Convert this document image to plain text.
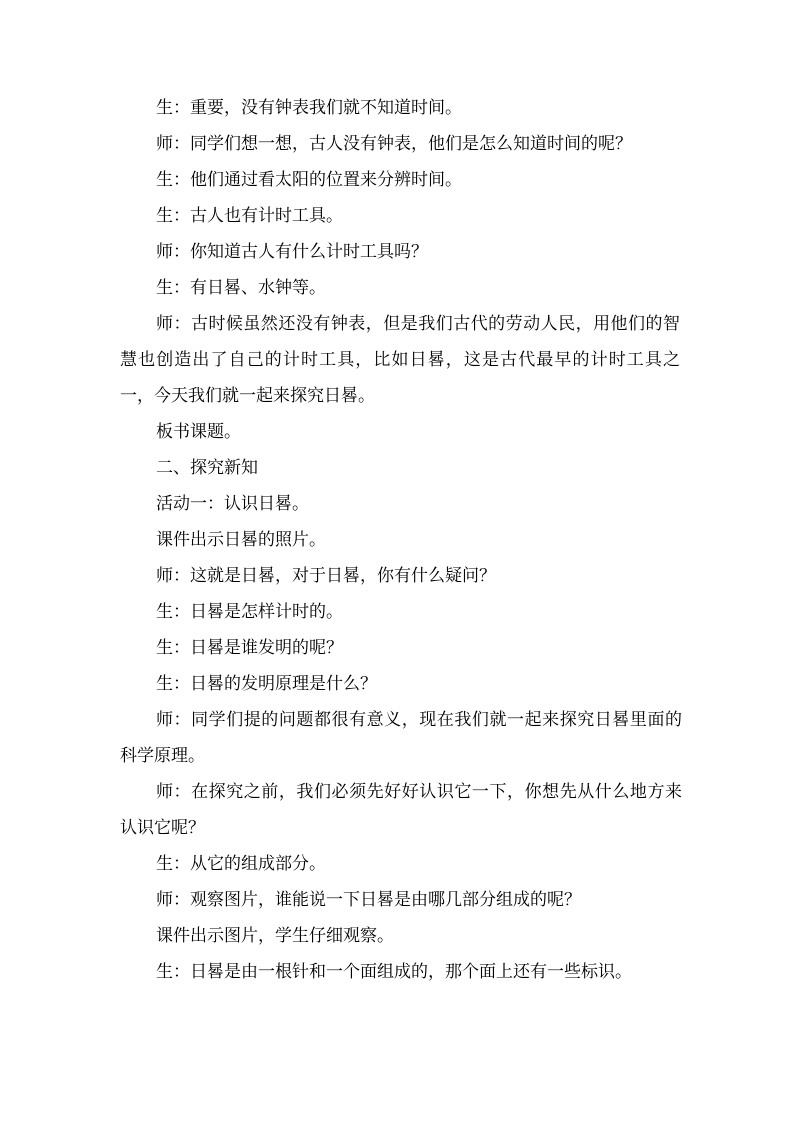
生：重要，没有钟表我们就不知道时间。

师：同学们想一想，古人没有钟表，他们是怎么知道时间的呢？

生：他们通过看太阳的位置来分辨时间。

生：古人也有计时工具。

师：你知道古人有什么计时工具吗？

生：有日晷、水钟等。

师：古时候虽然还没有钟表，但是我们古代的劳动人民，用他们的智慧也创造出了自己的计时工具，比如日晷，这是古代最早的计时工具之一，今天我们就一起来探究日晷。

板书课题。

二、探究新知

活动一：认识日晷。

课件出示日晷的照片。

师：这就是日晷，对于日晷，你有什么疑问？

生：日晷是怎样计时的。

生：日晷是谁发明的呢？

生：日晷的发明原理是什么？

师：同学们提的问题都很有意义，现在我们就一起来探究日晷里面的科学原理。

师：在探究之前，我们必须先好好认识它一下，你想先从什么地方来认识它呢？

生：从它的组成部分。

师：观察图片，谁能说一下日晷是由哪几部分组成的呢？

课件出示图片，学生仔细观察。

生：日晷是由一根针和一个面组成的，那个面上还有一些标识。
